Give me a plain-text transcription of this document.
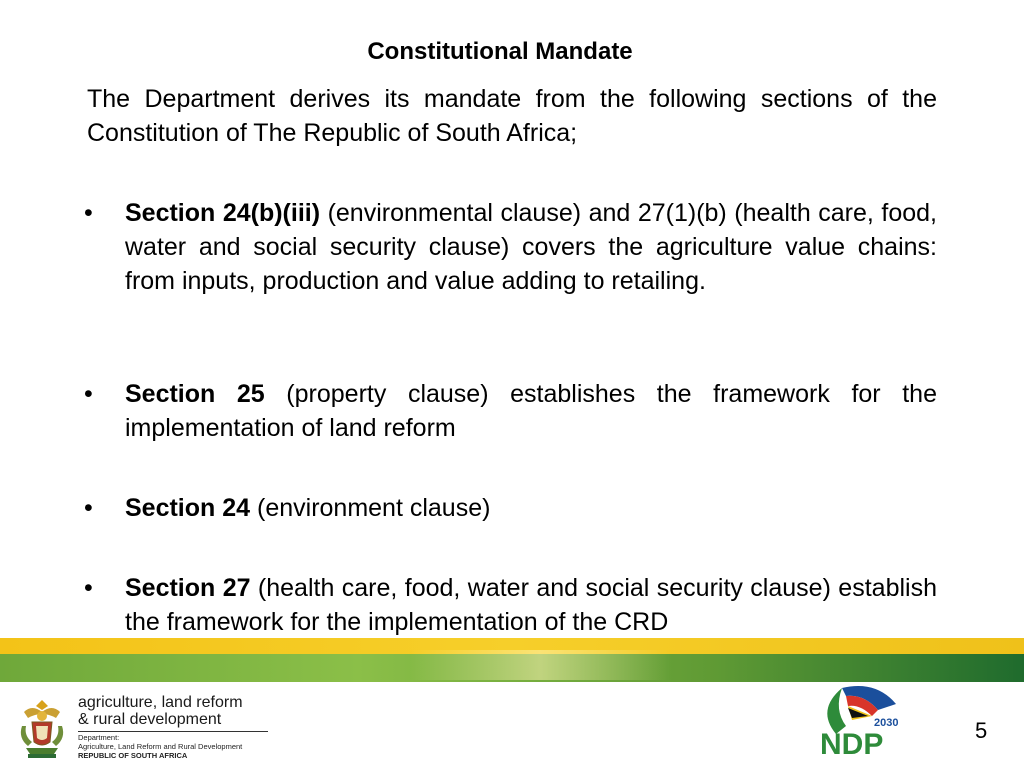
Constitutional Mandate
The Department derives its mandate from the following sections of the Constitution of The Republic of South Africa;
• Section 24(b)(iii) (environmental clause) and 27(1)(b) (health care, food, water and social security clause) covers the agriculture value chains: from inputs, production and value adding to retailing.
• Section 25 (property clause) establishes the framework for the implementation of land reform
• Section 24 (environment clause)
• Section 27 (health care, food, water and social security clause) establish the framework for the implementation of the CRD
agriculture, land reform
& rural development
Department:
Agriculture, Land Reform and Rural Development
REPUBLIC OF SOUTH AFRICA
2030
NDP	5
